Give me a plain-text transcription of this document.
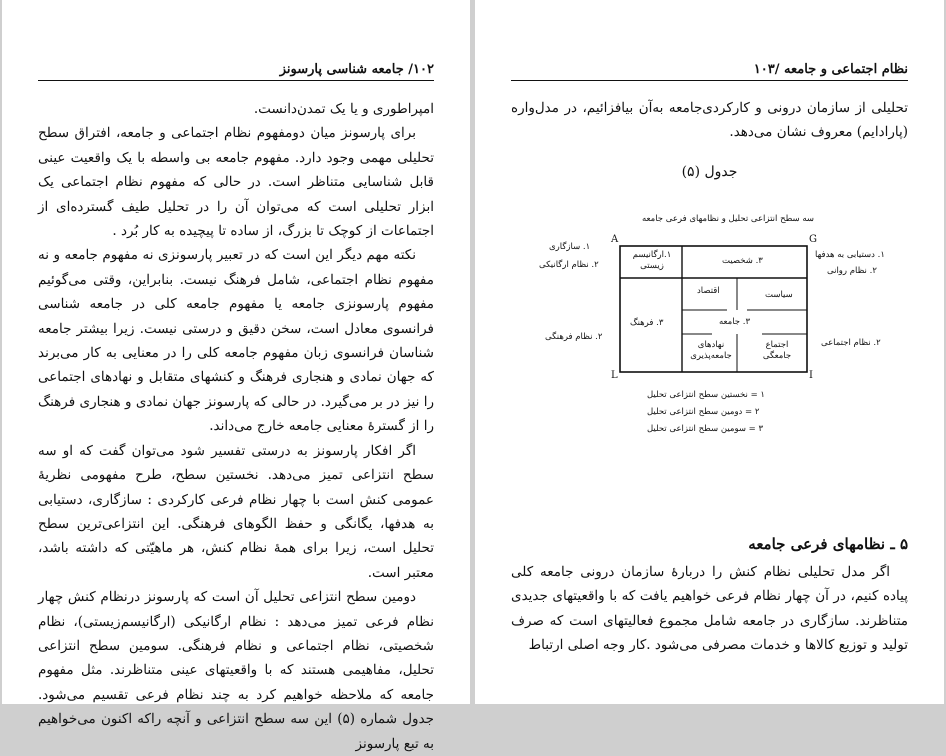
۱۰۲/ جامعه شناسی پارسونز

امپراطوری و یا یک تمدن‌دانست.

برای پارسونز میان دومفهوم نظام اجتماعی و جامعه، افتراق سطح تحلیلی مهمی وجود دارد. مفهوم جامعه بی واسطه با یک واقعیت عینی قابل شناسایی متناظر است. در حالی که مفهوم نظام اجتماعی یک ابزار تحلیلی است که می‌توان آن را در تحلیل طیف گسترده‌ای از اجتماعات از کوچک تا بزرگ، از ساده تا پیچیده به کار بُرد .

نکته مهم دیگر این است که در تعبیر پارسونزی نه مفهوم جامعه و نه مفهوم نظام اجتماعی، شامل فرهنگ نیست. بنابراین، وقتی می‌گوئیم مفهوم پارسونزی جامعه یا مفهوم جامعه کلی در جامعه شناسی فرانسوی معادل است، سخن دقیق و درستی نیست. زیرا بیشتر جامعه شناسان فرانسوی زبان مفهوم جامعه کلی را در معنایی به کار می‌برند که جهان نمادی و هنجاری فرهنگ و کنشهای متقابل و نهادهای اجتماعی را نیز در بر می‌گیرد. در حالی که پارسونز جهان نمادی و هنجاری فرهنگ را از گسترهٔ معنایی جامعه خارج می‌داند.

اگر افکار پارسونز به درستی تفسیر شود می‌توان گفت که او سه سطح انتزاعی تمیز می‌دهد. نخستین سطح، طرح مفهومی نظریهٔ عمومی کنش است با چهار نظام فرعی کارکردی : سازگاری، دستیابی به هدفها، یگانگی و حفظ الگوهای فرهنگی. این انتزاعی‌ترین سطح تحلیل است، زیرا برای همهٔ نظام کنش، هر ماهیّتی که داشته باشد، معتبر است.

دومین سطح انتزاعی تحلیل آن است که پارسونز درنظام کنش چهار نظام فرعی تمیز می‌دهد : نظام ارگانیکی (ارگانیسم‌زیستی)، نظام شخصیتی، نظام اجتماعی و نظام فرهنگی. سومین سطح انتزاعی تحلیل، مفاهیمی هستند که با واقعیتهای عینی متناظرند. مثل مفهوم جامعه که ملاحظه خواهیم کرد به چند نظام فرعی تقسیم می‌شود. جدول شماره (۵) این سه سطح انتزاعی و آنچه راکه اکنون می‌خواهیم به تبع پارسونز

نظام اجتماعی و جامعه /۱۰۳

تحلیلی از سازمان درونی و کارکردی‌جامعه به‌آن بیافزائیم، در مدل‌واره (پارادایم) معروف نشان می‌دهد.

جدول (۵)
سه سطح انتزاعی تحلیل و نظامهای فرعی جامعه
A	G
L	I
۱.ارگانیسم زیستی	۳. شخصیت
اقتصاد	سیاست
۳. جامعه
۳. فرهنگ
نهادهای جامعه‌پذیری
اجتماع جامعگی
۱. سازگاری
۲. نظام ارگانیکی
۲. نظام فرهنگی
۱. دستیابی به هدفها
۲. نظام روانی
۲. نظام اجتماعی
۱ = نخستین سطح انتزاعی تحلیل
۲ = دومین سطح انتزاعی تحلیل
۳ = سومین سطح انتزاعی تحلیل
۵ ـ نظامهای فرعی جامعه

اگر مدل تحلیلی نظام کنش را دربارهٔ سازمان درونی جامعه کلی پیاده کنیم، در آن چهار نظام فرعی خواهیم یافت که با واقعیتهای جدیدی متناظرند. سازگاری در جامعه شامل مجموع فعالیتهای است که صرف تولید و توزیع کالاها و خدمات مصرفی می‌شود .کار وجه اصلی ارتباط
